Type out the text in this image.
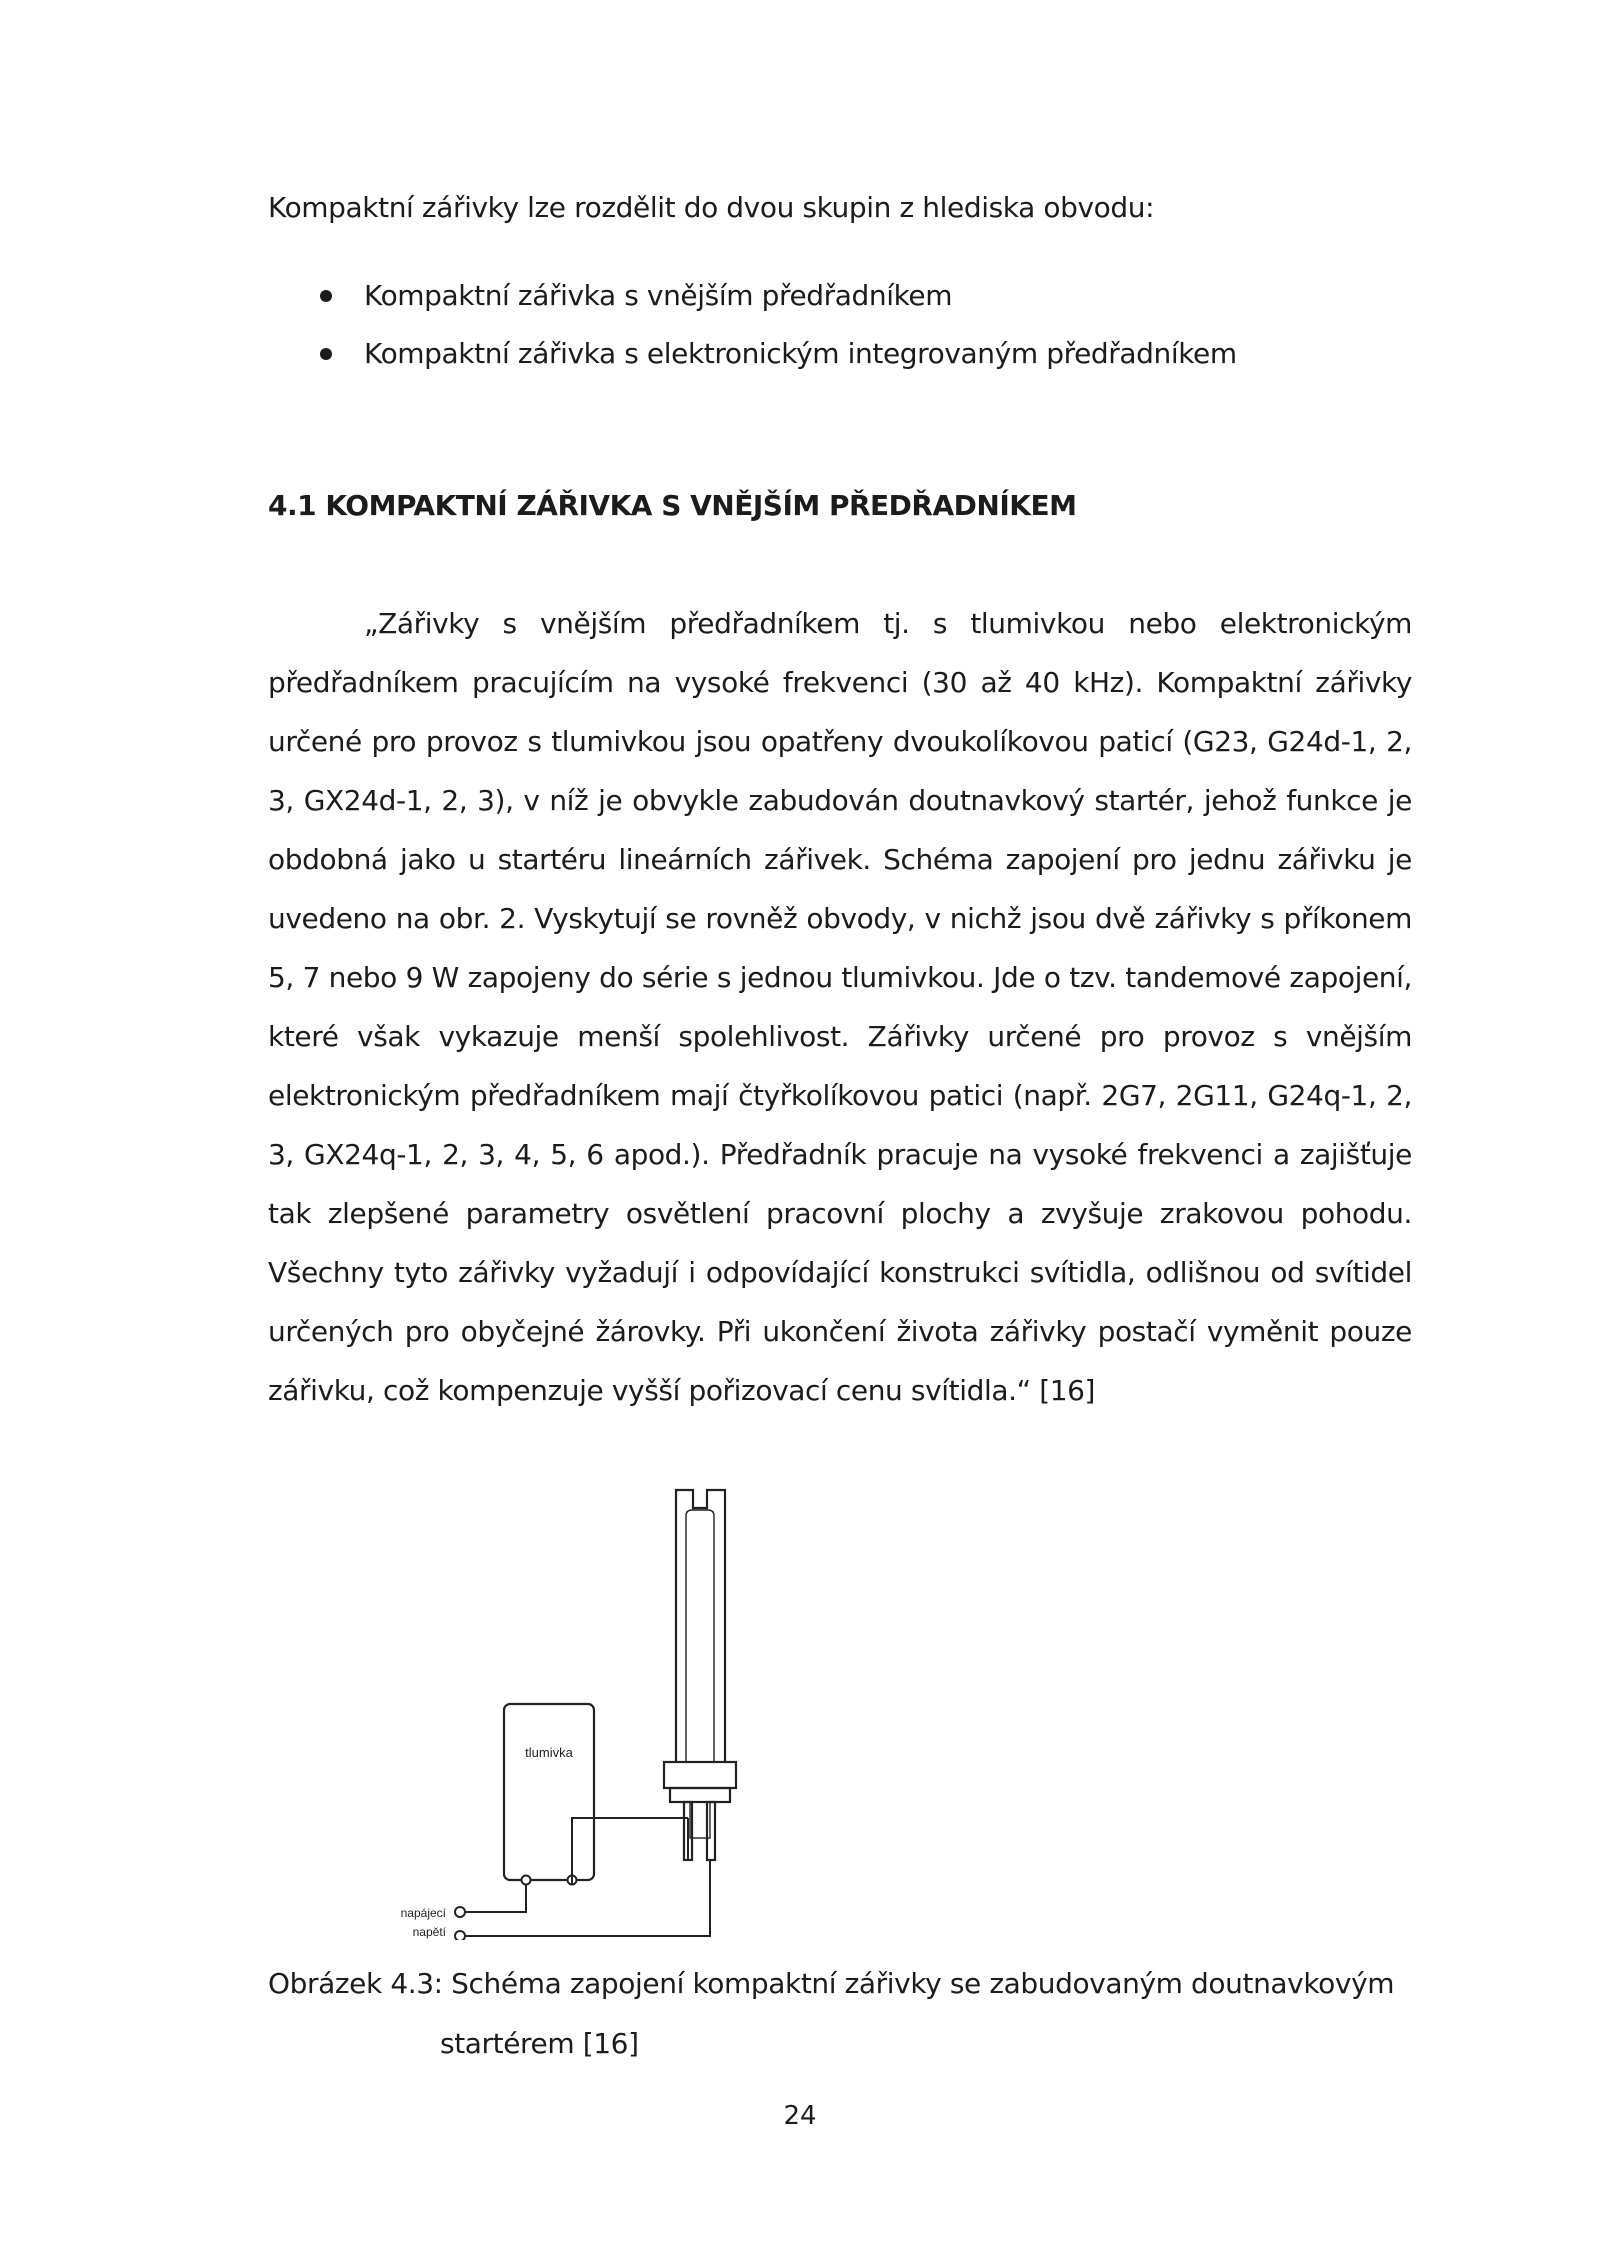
Kompaktní zářivky lze rozdělit do dvou skupin z hlediska obvodu:
Kompaktní zářivka s vnějším předřadníkem
Kompaktní zářivka s elektronickým integrovaným předřadníkem
4.1 KOMPAKTNÍ ZÁŘIVKA S VNĚJŠÍM PŘEDŘADNÍKEM

„Zářivky s vnějším předřadníkem tj. s tlumivkou nebo elektronickým předřadníkem pracujícím na vysoké frekvenci (30 až 40 kHz). Kompaktní zářivky určené pro provoz s tlumivkou jsou opatřeny dvoukolíkovou paticí (G23, G24d-1, 2, 3, GX24d-1, 2, 3), v níž je obvykle zabudován doutnavkový startér, jehož funkce je obdobná jako u startéru lineárních zářivek. Schéma zapojení pro jednu zářivku je uvedeno na obr. 2. Vyskytují se rovněž obvody, v nichž jsou dvě zářivky s příkonem 5, 7 nebo 9 W zapojeny do série s jednou tlumivkou. Jde o tzv. tandemové zapojení, které však vykazuje menší spolehlivost. Zářivky určené pro provoz s vnějším elektronickým předřadníkem mají čtyřkolíkovou patici (např. 2G7, 2G11, G24q-1, 2, 3, GX24q-1, 2, 3, 4, 5, 6 apod.). Předřadník pracuje na vysoké frekvenci a zajišťuje tak zlepšené parametry osvětlení pracovní plochy a zvyšuje zrakovou pohodu. Všechny tyto zářivky vyžadují i odpovídající konstrukci svítidla, odlišnou od svítidel určených pro obyčejné žárovky. Při ukončení života zářivky postačí vyměnit pouze zářivku, což kompenzuje vyšší pořizovací cenu svítidla.“ [16]

tlumivka
napájecí
napětí
Obrázek 4.3: Schéma zapojení kompaktní zářivky se zabudovaným doutnavkovým
startérem [16]
24
